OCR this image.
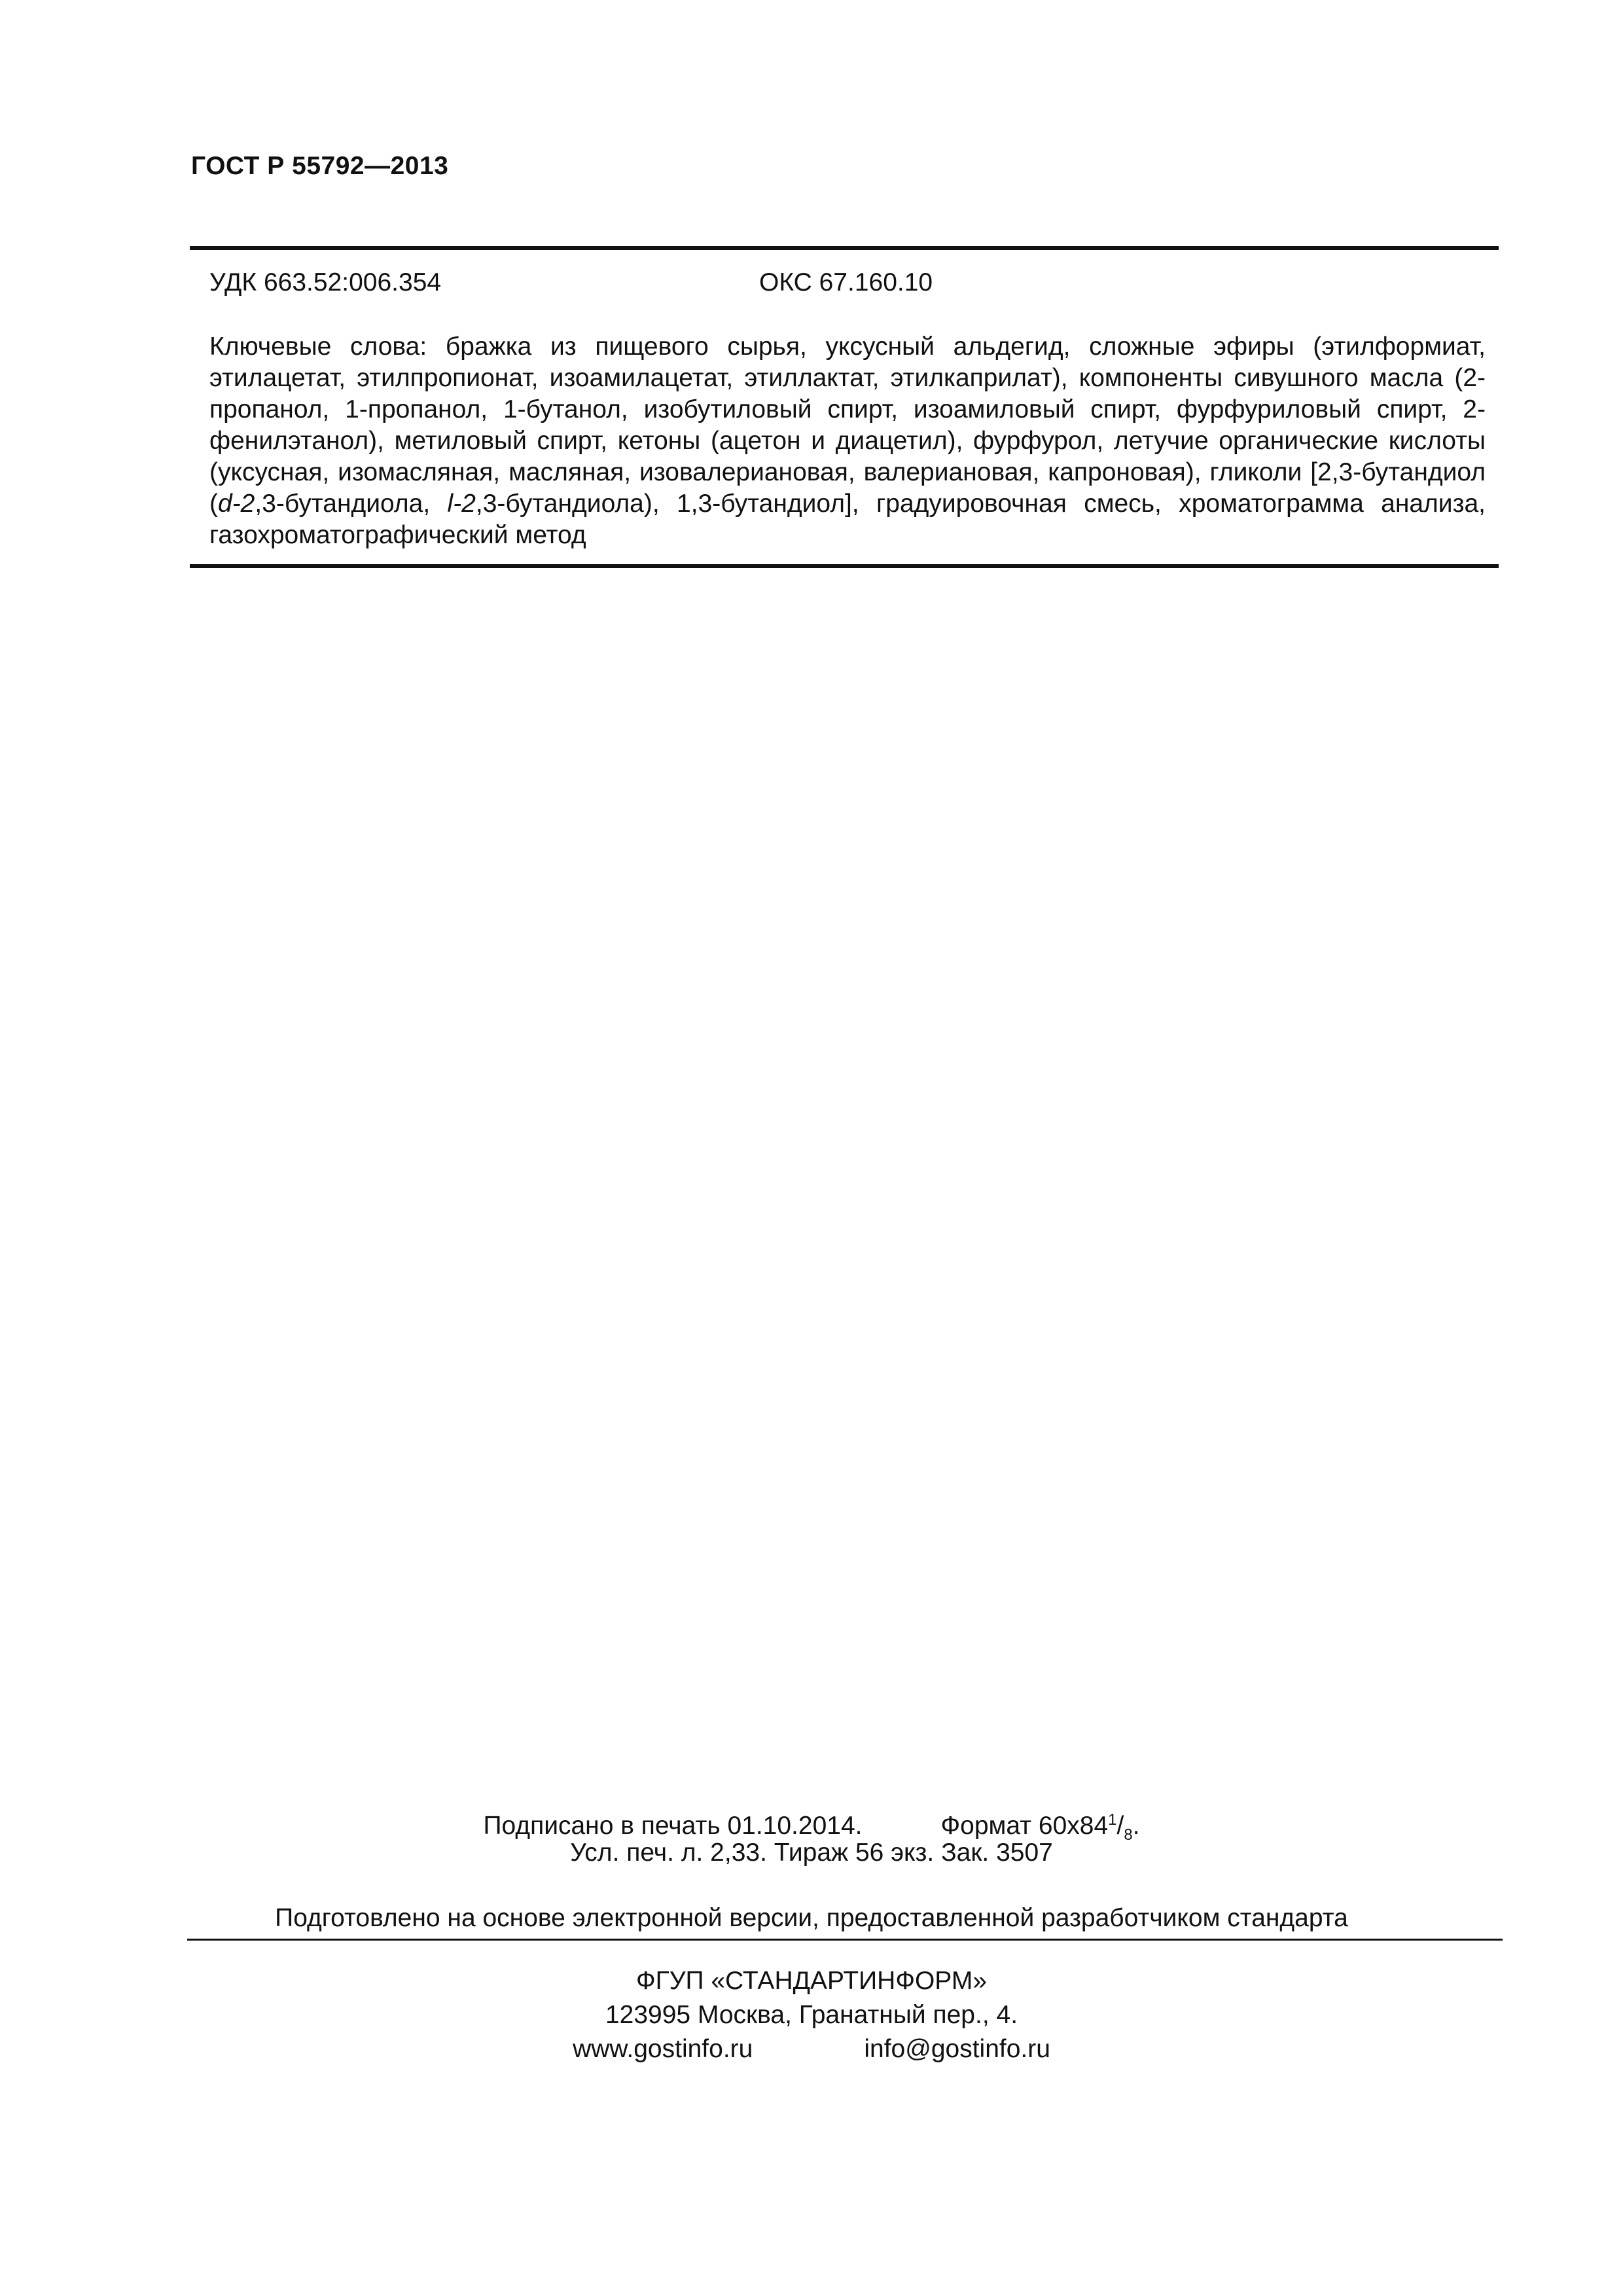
ГОСТ Р 55792—2013
УДК 663.52:006.354	ОКС 67.160.10
Ключевые слова: бражка из пищевого сырья, уксусный альдегид, сложные эфиры (этилформиат, этилацетат, этилпропионат, изоамилацетат, этиллактат, этилкаприлат), компоненты сивушного масла (2-пропанол, 1-пропанол, 1-бутанол, изобутиловый спирт, изоамиловый спирт, фурфуриловый спирт, 2-фенилэтанол), метиловый спирт, кетоны (ацетон и диацетил), фурфурол, летучие органические кислоты (уксусная, изомасляная, масляная, изовалериановая, валериановая, капроновая), гликоли [2,3-бутандиол (d-2,3-бутандиола, l-2,3-бутандиола), 1,3-бутандиол], градуировочная смесь, хроматограмма анализа, газохроматографический метод
Подписано в печать 01.10.2014.	Формат $60x84^1/_8$.
Усл. печ. л. 2,33. Тираж 56 экз. Зак. 3507
Подготовлено на основе электронной версии, предоставленной разработчиком стандарта
ФГУП «СТАНДАРТИНФОРМ»
123995 Москва, Гранатный пер., 4.
www.gostinfo.ru	info@gostinfo.ru
